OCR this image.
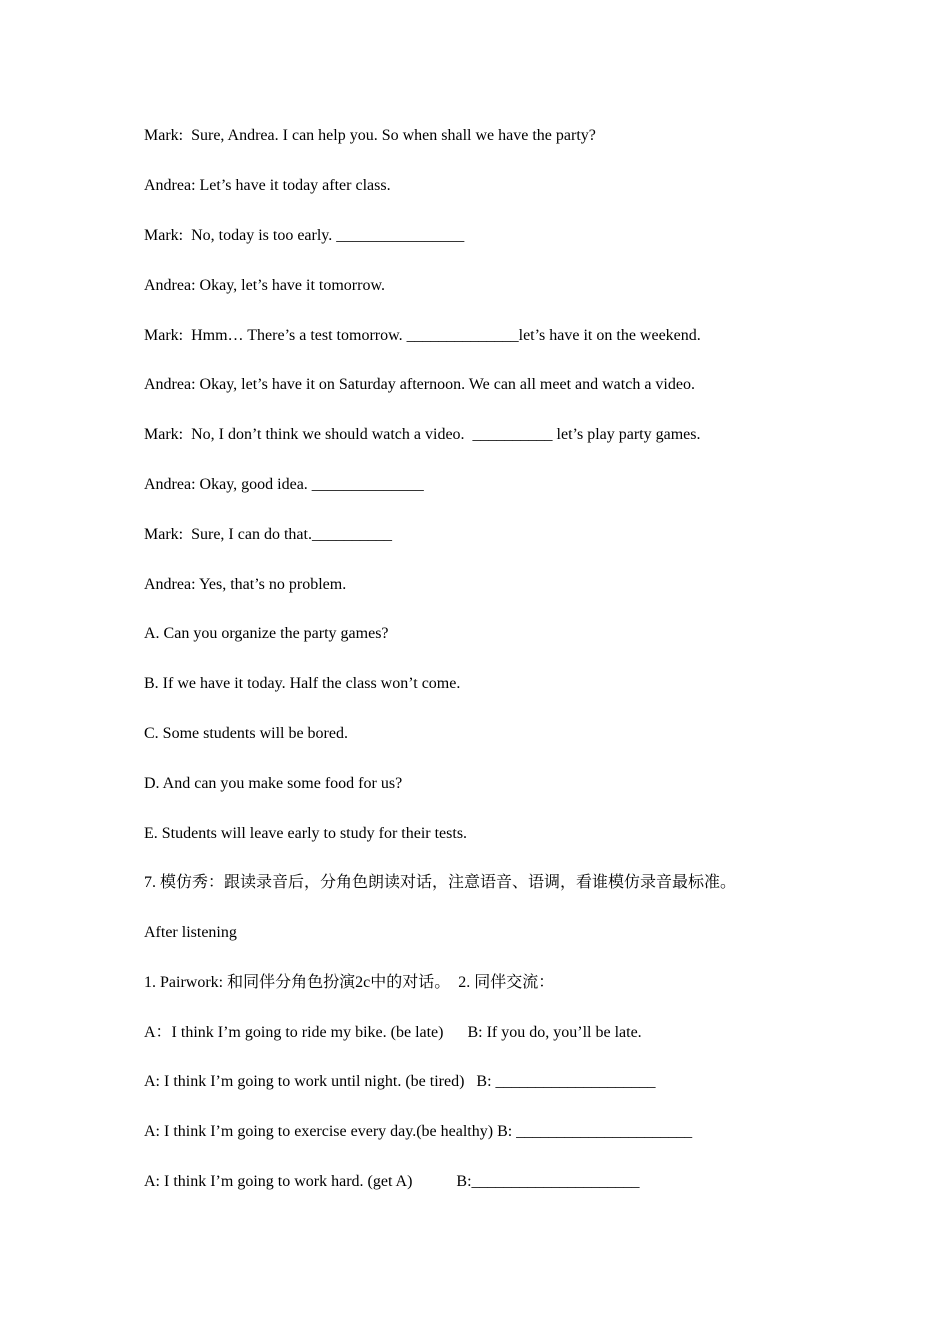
Mark:  Sure, Andrea. I can help you. So when shall we have the party?

Andrea: Let’s have it today after class.

Mark:  No, today is too early. ________________

Andrea: Okay, let’s have it tomorrow.

Mark:  Hmm… There’s a test tomorrow. ______________let’s have it on the weekend.

Andrea: Okay, let’s have it on Saturday afternoon. We can all meet and watch a video.

Mark:  No, I don’t think we should watch a video.  __________ let’s play party games.

Andrea: Okay, good idea. ______________

Mark:  Sure, I can do that.__________

Andrea: Yes, that’s no problem.

A. Can you organize the party games?

B. If we have it today. Half the class won’t come.

C. Some students will be bored.

D. And can you make some food for us?

E. Students will leave early to study for their tests.

7. 模仿秀：跟读录音后，分角色朗读对话，注意语音、语调，看谁模仿录音最标准。

After listening

1. Pairwork: 和同伴分角色扮演2c中的对话。  2. 同伴交流：

A：I think I’m going to ride my bike. (be late)      B: If you do, you’ll be late.

A: I think I’m going to work until night. (be tired)   B: ____________________

A: I think I’m going to exercise every day.(be healthy) B: ______________________

A: I think I’m going to work hard. (get A)           B:_____________________
